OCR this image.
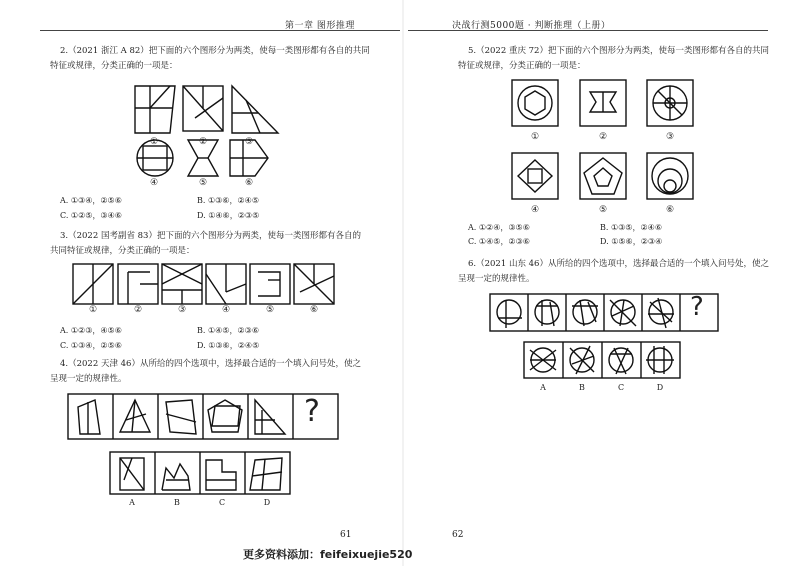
第一章 图形推理	决战行测5000题 · 判断推理（上册）
2.（2021 浙江 A 82）把下面的六个图形分为两类，使每一类图形都有各自的共同
特征或规律，分类正确的一项是：
①	②	③
④	⑤	⑥
A. ①③④，②⑤⑥	B. ①③⑥，②④⑤
C. ①②⑤，③④⑥	D. ①④⑥，②③⑤
3.（2022 国考副省 83）把下面的六个图形分为两类，使每一类图形都有各自的
共同特征或规律，分类正确的一项是：
①	②	③	④	⑤	⑥
A. ①②③，④⑤⑥	B. ①④⑤，②③⑥
C. ①③④，②⑤⑥	D. ①③⑥，②④⑤
4.（2022 天津 46）从所给的四个选项中，选择最合适的一个填入问号处，使之
呈现一定的规律性。
?
A	B	C	D
61
5.（2022 重庆 72）把下面的六个图形分为两类，使每一类图形都有各自的共同
特征或规律，分类正确的一项是：
①	②	③
④	⑤	⑥
A. ①②④，③⑤⑥	B. ①③⑤，②④⑥
C. ①④⑤，②③⑥	D. ①⑤⑥，②③④
6.（2021 山东 46）从所给的四个选项中，选择最合适的一个填入问号处，使之
呈现一定的规律性。
?
A	B	C	D
62
更多资料添加：feifeixuejie520
